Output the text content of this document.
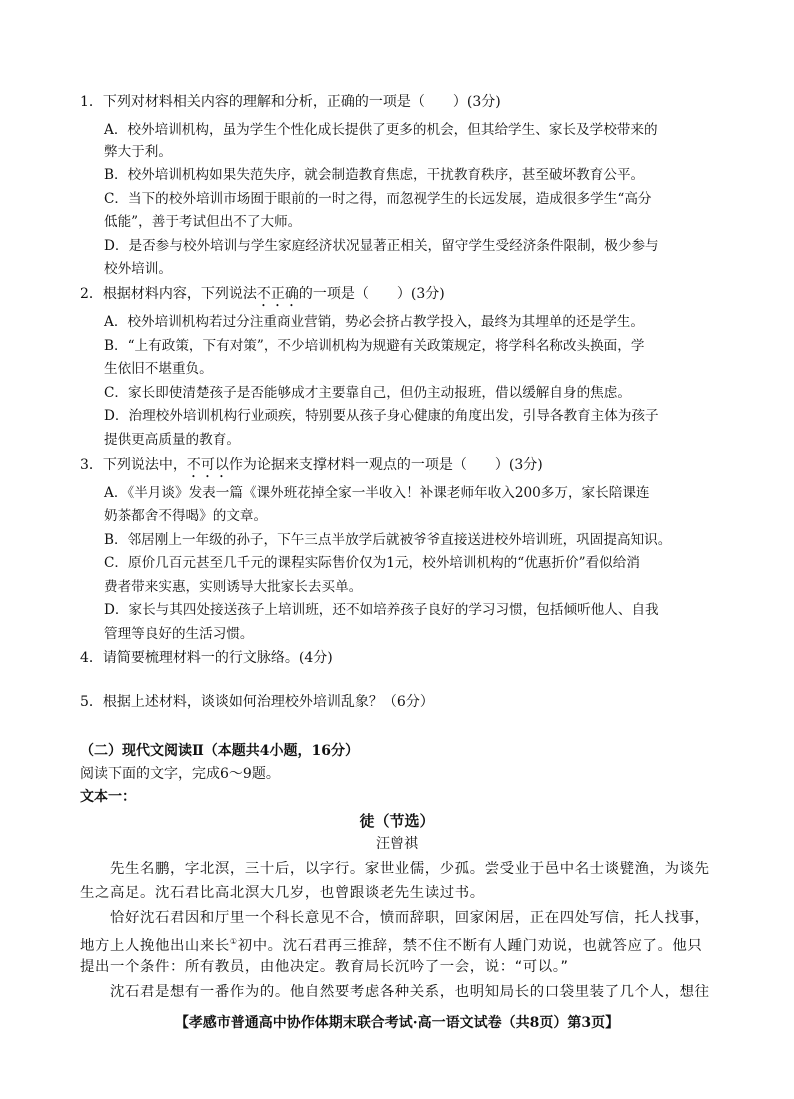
1．下列对材料相关内容的理解和分析，正确的一项是（　　）(3分)
A．校外培训机构，虽为学生个性化成长提供了更多的机会，但其给学生、家长及学校带来的
弊大于利。
B．校外培训机构如果失范失序，就会制造教育焦虑，干扰教育秩序，甚至破坏教育公平。
C．当下的校外培训市场囿于眼前的一时之得，而忽视学生的长远发展，造成很多学生“高分
低能”，善于考试但出不了大师。
D．是否参与校外培训与学生家庭经济状况显著正相关，留守学生受经济条件限制，极少参与
校外培训。
2．根据材料内容，下列说法不正确的一项是（　　）(3分)
A．校外培训机构若过分注重商业营销，势必会挤占教学投入，最终为其埋单的还是学生。
B．“上有政策，下有对策”，不少培训机构为规避有关政策规定，将学科名称改头换面，学
生依旧不堪重负。
C．家长即使清楚孩子是否能够成才主要靠自己，但仍主动报班，借以缓解自身的焦虑。
D．治理校外培训机构行业顽疾，特别要从孩子身心健康的角度出发，引导各教育主体为孩子
提供更高质量的教育。
3．下列说法中，不可以作为论据来支撑材料一观点的一项是（　　）(3分)
A．《半月谈》发表一篇《课外班花掉全家一半收入！补课老师年收入200多万，家长陪课连
奶茶都舍不得喝》的文章。
B．邻居刚上一年级的孙子，下午三点半放学后就被爷爷直接送进校外培训班，巩固提高知识。
C．原价几百元甚至几千元的课程实际售价仅为1元，校外培训机构的“优惠折价”看似给消
费者带来实惠，实则诱导大批家长去买单。
D．家长与其四处接送孩子上培训班，还不如培养孩子良好的学习习惯，包括倾听他人、自我
管理等良好的生活习惯。
4．请简要梳理材料一的行文脉络。(4分)
5．根据上述材料，谈谈如何治理校外培训乱象？（6分）
（二）现代文阅读Ⅱ（本题共4小题，16分）
阅读下面的文字，完成6～9题。
文本一：
徒（节选）
汪曾祺
　　先生名鹏，字北溟，三十后，以字行。家世业儒，少孤。尝受业于邑中名士谈甓渔，为谈先
生之高足。沈石君比高北溟大几岁，也曾跟谈老先生读过书。
　　恰好沈石君因和厅里一个科长意见不合，愤而辞职，回家闲居，正在四处写信，托人找事，
地方上人挽他出山来长①初中。沈石君再三推辞，禁不住不断有人踵门劝说，也就答应了。他只
提出一个条件：所有教员，由他决定。教育局长沉吟了一会，说：“可以。”
　　沈石君是想有一番作为的。他自然要考虑各种关系，也明知局长的口袋里装了几个人，想往
【孝感市普通高中协作体期末联合考试·高一语文试卷（共8页）第3页】
